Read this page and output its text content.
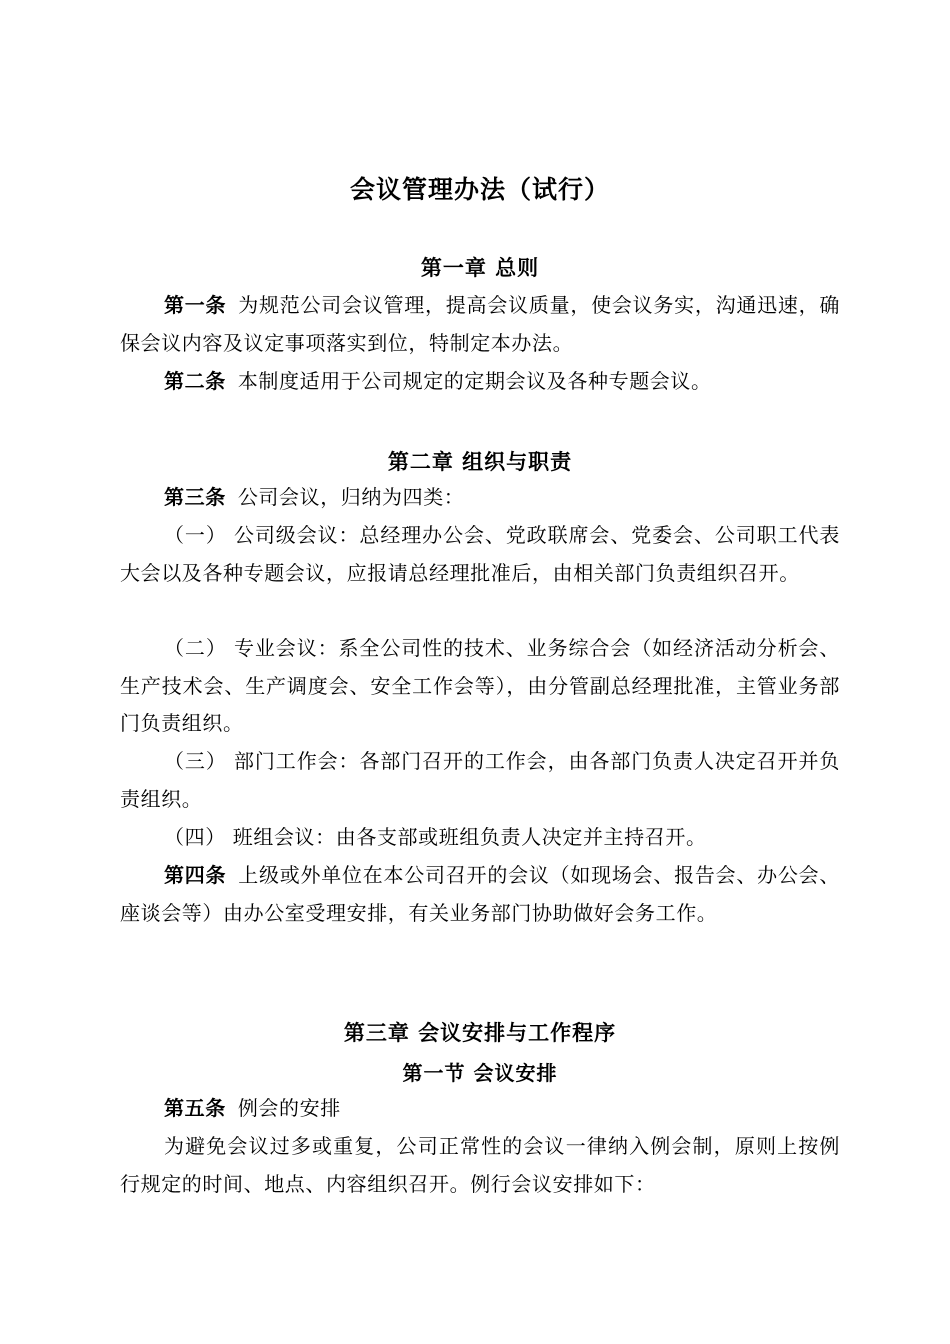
会议管理办法（试行）
第一章 总则
第一条 为规范公司会议管理，提高会议质量，使会议务实，沟通迅速，确保会议内容及议定事项落实到位，特制定本办法。
第二条 本制度适用于公司规定的定期会议及各种专题会议。
第二章 组织与职责
第三条 公司会议，归纳为四类：
（一） 公司级会议：总经理办公会、党政联席会、党委会、公司职工代表大会以及各种专题会议，应报请总经理批准后，由相关部门负责组织召开。
（二） 专业会议：系全公司性的技术、业务综合会（如经济活动分析会、生产技术会、生产调度会、安全工作会等），由分管副总经理批准，主管业务部门负责组织。
（三） 部门工作会：各部门召开的工作会，由各部门负责人决定召开并负责组织。
（四） 班组会议：由各支部或班组负责人决定并主持召开。
第四条 上级或外单位在本公司召开的会议（如现场会、报告会、办公会、座谈会等）由办公室受理安排，有关业务部门协助做好会务工作。
第三章 会议安排与工作程序
第一节 会议安排
第五条 例会的安排
为避免会议过多或重复，公司正常性的会议一律纳入例会制，原则上按例行规定的时间、地点、内容组织召开。例行会议安排如下：
